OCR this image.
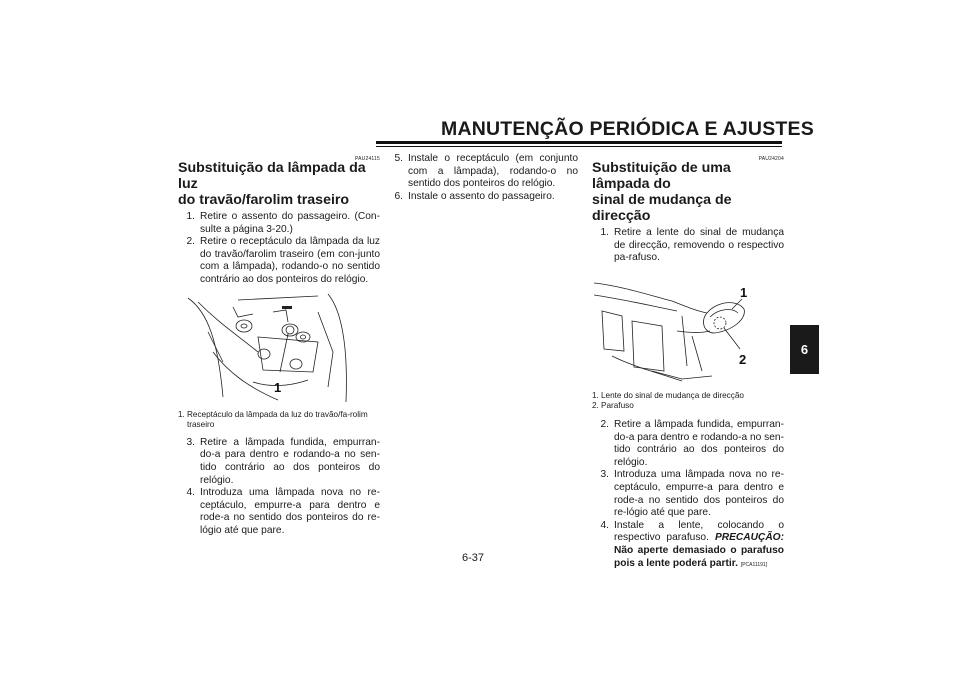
MANUTENÇÃO PERIÓDICA E AJUSTES
6
PAU24115
Substituição da lâmpada da luz
do travão/farolim traseiro
1. Retire o assento do passageiro. (Con-sulte a página 3-20.)
2. Retire o receptáculo da lâmpada da luz do travão/farolim traseiro (em con-junto com a lâmpada), rodando-o no sentido contrário ao dos ponteiros do relógio.
1
1. Receptáculo da lâmpada da luz do travão/fa-rolim traseiro
3. Retire a lâmpada fundida, empurran-do-a para dentro e rodando-a no sen-tido contrário ao dos ponteiros do relógio.
4. Introduza uma lâmpada nova no re-ceptáculo, empurre-a para dentro e rode-a no sentido dos ponteiros do re-lógio até que pare.
5. Instale o receptáculo (em conjunto com a lâmpada), rodando-o no sentido dos ponteiros do relógio.
6. Instale o assento do passageiro.
PAU24204
Substituição de uma lâmpada do
sinal de mudança de direcção
1. Retire a lente do sinal de mudança de direcção, removendo o respectivo pa-rafuso.
1
2
1. Lente do sinal de mudança de direcção
2. Parafuso
2. Retire a lâmpada fundida, empurran-do-a para dentro e rodando-a no sen-tido contrário ao dos ponteiros do relógio.
3. Introduza uma lâmpada nova no re-ceptáculo, empurre-a para dentro e rode-a no sentido dos ponteiros do re-lógio até que pare.
4. Instale a lente, colocando o respectivo parafuso. PRECAUÇÃO: Não aperte demasiado o parafuso pois a lente poderá partir. [PCA11191]
6-37
